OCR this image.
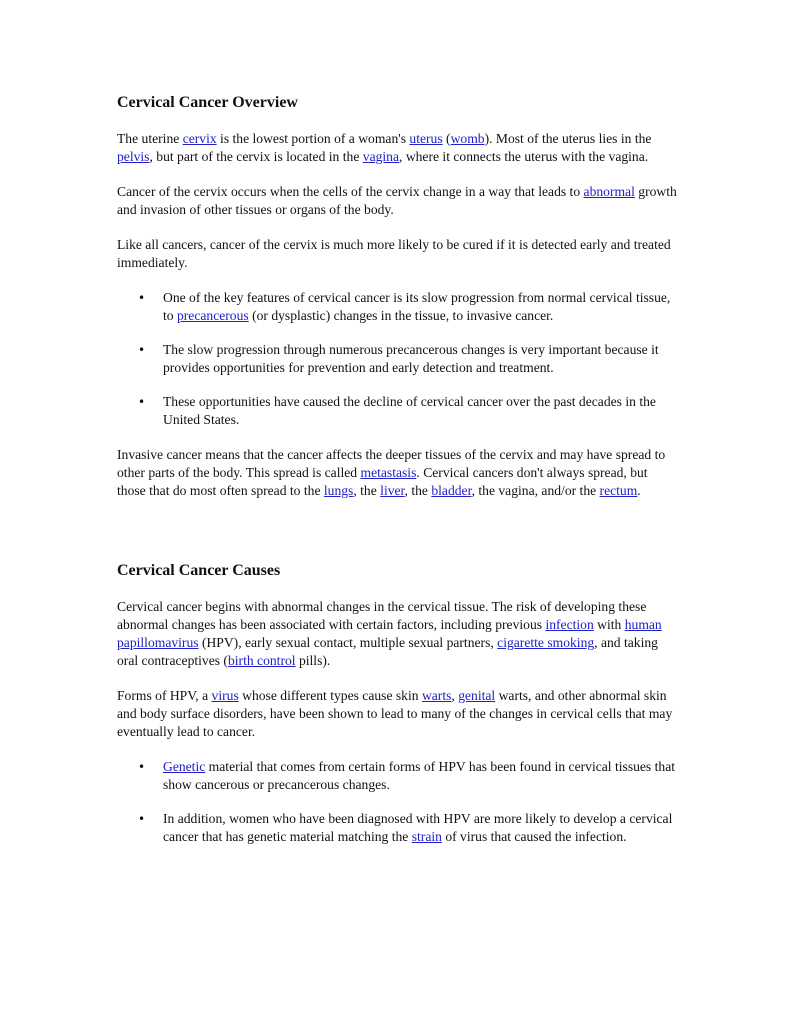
Cervical Cancer Overview

The uterine cervix is the lowest portion of a woman's uterus (womb). Most of the uterus lies in the pelvis, but part of the cervix is located in the vagina, where it connects the uterus with the vagina.

Cancer of the cervix occurs when the cells of the cervix change in a way that leads to abnormal growth and invasion of other tissues or organs of the body.

Like all cancers, cancer of the cervix is much more likely to be cured if it is detected early and treated immediately.

• One of the key features of cervical cancer is its slow progression from normal cervical tissue, to precancerous (or dysplastic) changes in the tissue, to invasive cancer.
• The slow progression through numerous precancerous changes is very important because it provides opportunities for prevention and early detection and treatment.
• These opportunities have caused the decline of cervical cancer over the past decades in the United States.

Invasive cancer means that the cancer affects the deeper tissues of the cervix and may have spread to other parts of the body. This spread is called metastasis. Cervical cancers don't always spread, but those that do most often spread to the lungs, the liver, the bladder, the vagina, and/or the rectum.

Cervical Cancer Causes

Cervical cancer begins with abnormal changes in the cervical tissue. The risk of developing these abnormal changes has been associated with certain factors, including previous infection with human papillomavirus (HPV), early sexual contact, multiple sexual partners, cigarette smoking, and taking oral contraceptives (birth control pills).

Forms of HPV, a virus whose different types cause skin warts, genital warts, and other abnormal skin and body surface disorders, have been shown to lead to many of the changes in cervical cells that may eventually lead to cancer.

• Genetic material that comes from certain forms of HPV has been found in cervical tissues that show cancerous or precancerous changes.
• In addition, women who have been diagnosed with HPV are more likely to develop a cervical cancer that has genetic material matching the strain of virus that caused the infection.
